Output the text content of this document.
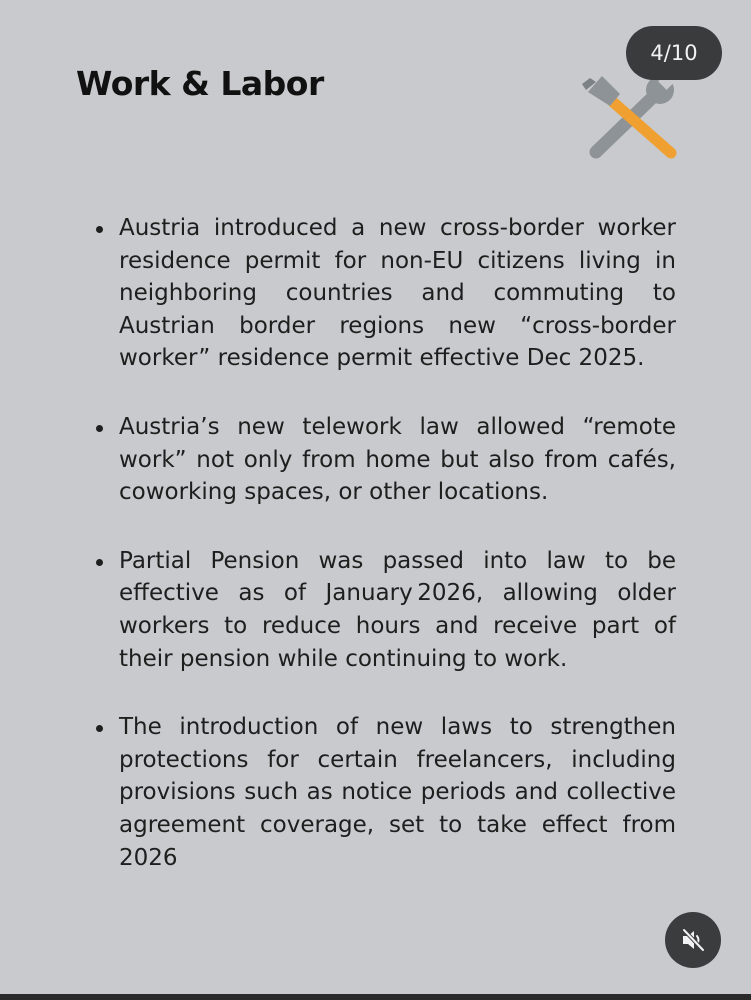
Work & Labor
4/10
Austria introduced a new cross-border worker residence permit for non-EU citizens living in neighboring countries and commuting to Austrian border regions new “cross-border worker” residence permit effective Dec 2025.
Austria’s new telework law allowed “remote work” not only from home but also from cafés, coworking spaces, or other locations.
Partial Pension was passed into law to be effective as of January 2026, allowing older workers to reduce hours and receive part of their pension while continuing to work.
The introduction of new laws to strengthen protections for certain freelancers, including provisions such as notice periods and collective agreement coverage, set to take effect from 2026
